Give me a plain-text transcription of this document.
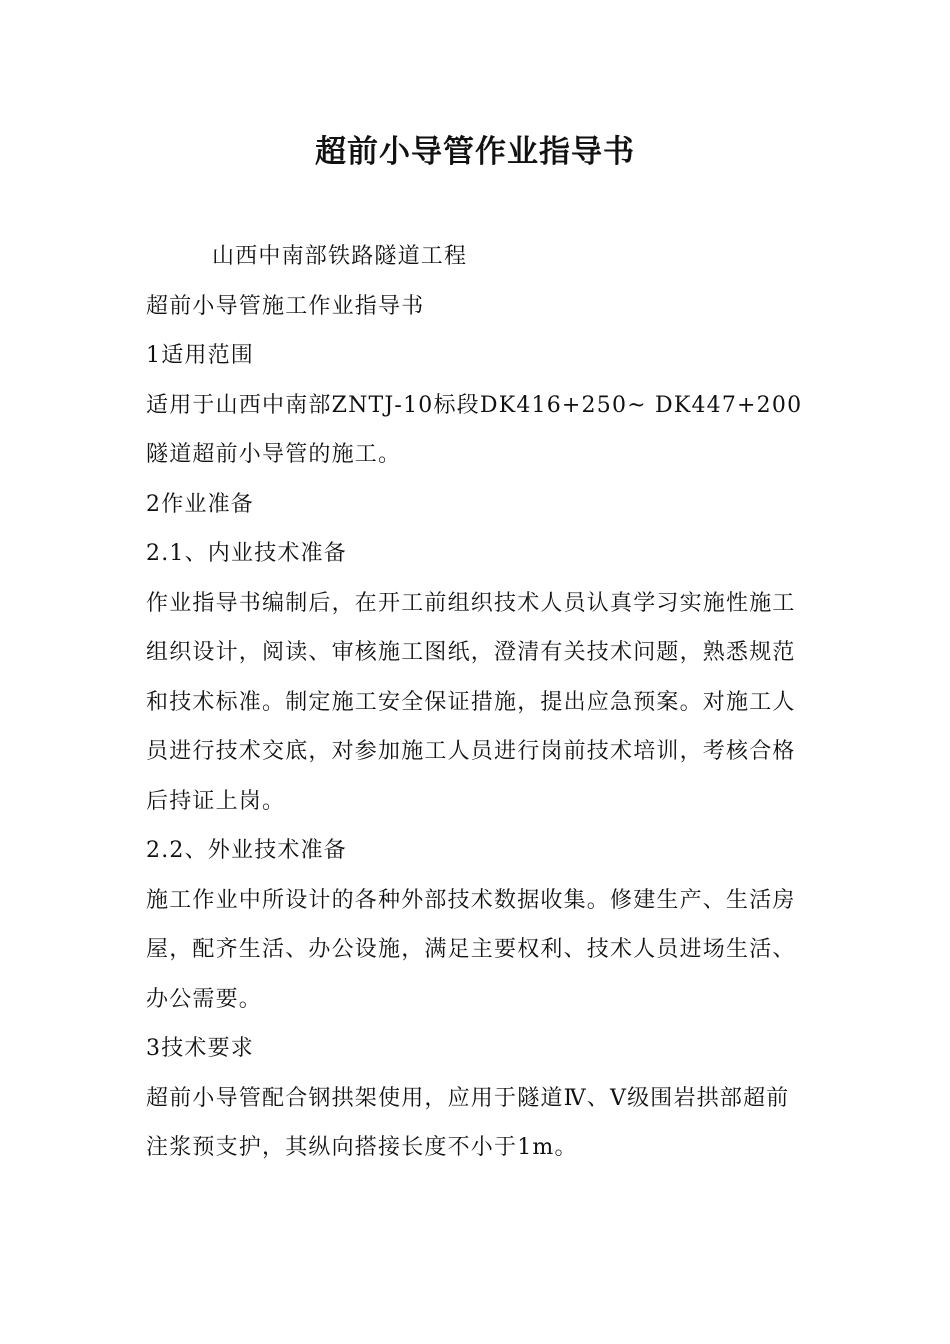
超前小导管作业指导书

山西中南部铁路隧道工程

超前小导管施工作业指导书

1适用范围

适用于山西中南部ZNTJ-10标段DK416+250~ DK447+200隧道超前小导管的施工。

2作业准备

2.1、内业技术准备

作业指导书编制后，在开工前组织技术人员认真学习实施性施工组织设计，阅读、审核施工图纸，澄清有关技术问题，熟悉规范和技术标准。制定施工安全保证措施，提出应急预案。对施工人员进行技术交底，对参加施工人员进行岗前技术培训，考核合格后持证上岗。

2.2、外业技术准备

施工作业中所设计的各种外部技术数据收集。修建生产、生活房屋，配齐生活、办公设施，满足主要权利、技术人员进场生活、办公需要。

3技术要求

超前小导管配合钢拱架使用，应用于隧道Ⅳ、Ⅴ级围岩拱部超前注浆预支护，其纵向搭接长度不小于1m。
